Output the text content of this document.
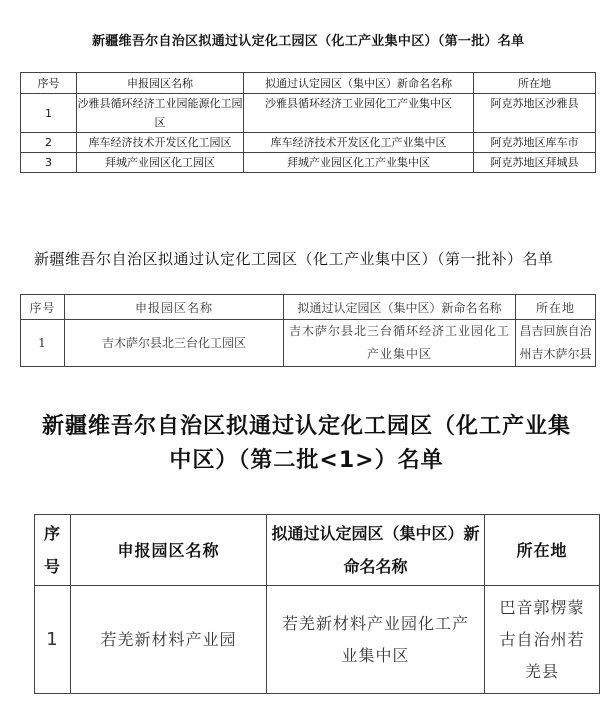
新疆维吾尔自治区拟通过认定化工园区（化工产业集中区）（第一批）名单
序号	申报园区名称	拟通过认定园区（集中区）新命名名称	所在地
1	沙雅县循环经济工业园能源化工园区	沙雅县循环经济工业园化工产业集中区	阿克苏地区沙雅县
2	库车经济技术开发区化工园区	库车经济技术开发区化工产业集中区	阿克苏地区库车市
3	拜城产业园区化工园区	拜城产业园区化工产业集中区	阿克苏地区拜城县
新疆维吾尔自治区拟通过认定化工园区（化工产业集中区）（第一批补）名单
序号	申报园区名称	拟通过认定园区（集中区）新命名名称	所在地
1	吉木萨尔县北三台化工园区	吉木萨尔县北三台循环经济工业园化工产业集中区	昌吉回族自治州吉木萨尔县
新疆维吾尔自治区拟通过认定化工园区（化工产业集中区）（第二批<1>）名单
序号	申报园区名称	拟通过认定园区（集中区）新命名名称	所在地
1	若羌新材料产业园	若羌新材料产业园化工产业集中区	巴音郭楞蒙古自治州若羌县
